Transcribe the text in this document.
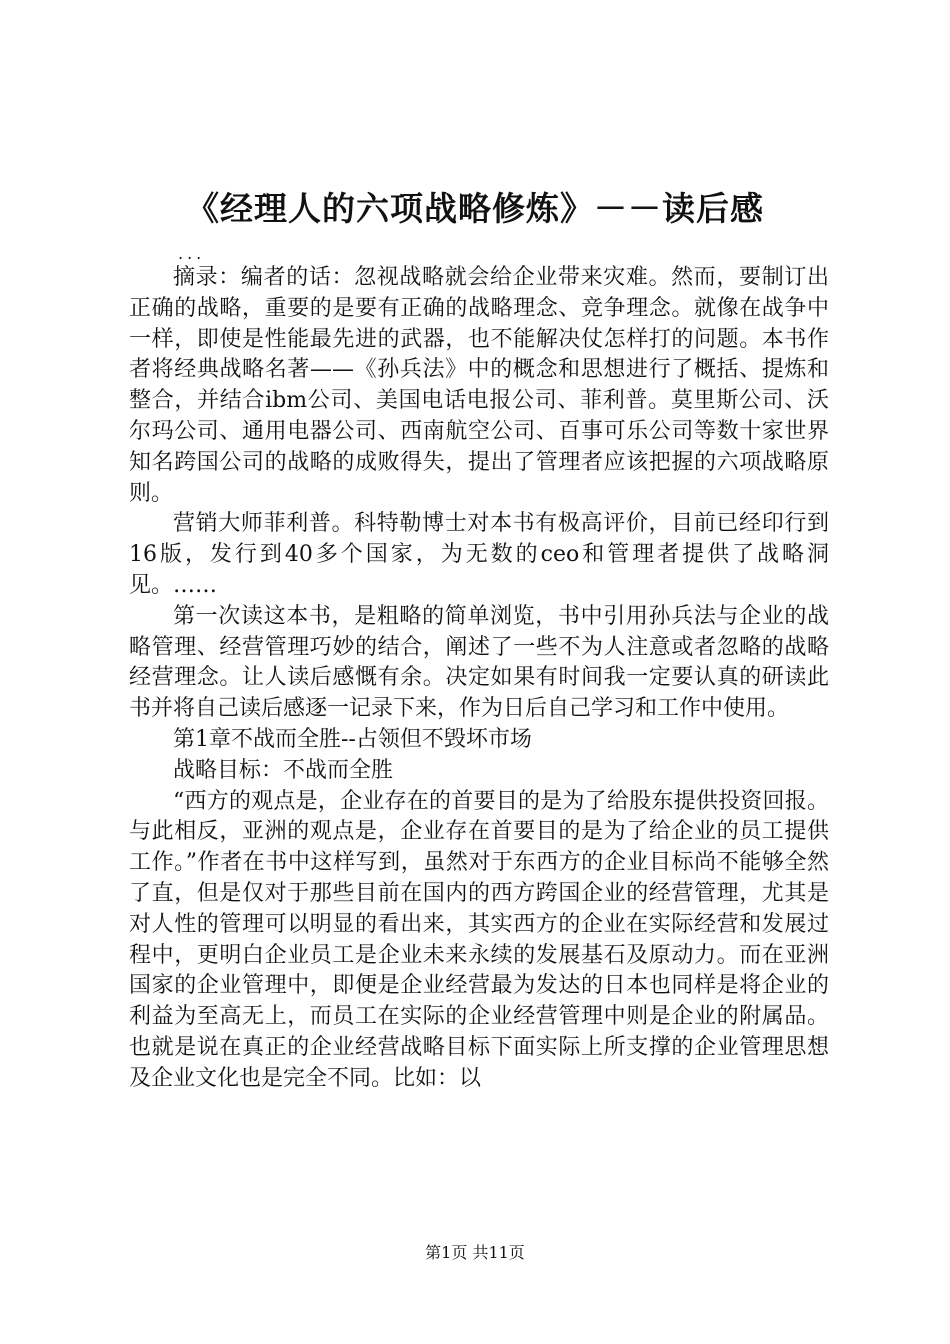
《经理人的六项战略修炼》－－读后感
...

摘录：编者的话：忽视战略就会给企业带来灾难。然而，要制订出正确的战略，重要的是要有正确的战略理念、竞争理念。就像在战争中一样，即使是性能最先进的武器，也不能解决仗怎样打的问题。本书作者将经典战略名著——《孙兵法》中的概念和思想进行了概括、提炼和整合，并结合ibm公司、美国电话电报公司、菲利普。莫里斯公司、沃尔玛公司、通用电器公司、西南航空公司、百事可乐公司等数十家世界知名跨国公司的战略的成败得失，提出了管理者应该把握的六项战略原则。

营销大师菲利普。科特勒博士对本书有极高评价，目前已经印行到16版，发行到40多个国家，为无数的ceo和管理者提供了战略洞见。……

第一次读这本书，是粗略的简单浏览，书中引用孙兵法与企业的战略管理、经营管理巧妙的结合，阐述了一些不为人注意或者忽略的战略经营理念。让人读后感慨有余。决定如果有时间我一定要认真的研读此书并将自己读后感逐一记录下来，作为日后自己学习和工作中使用。

第1章不战而全胜--占领但不毁坏市场

战略目标：不战而全胜

“西方的观点是，企业存在的首要目的是为了给股东提供投资回报。与此相反，亚洲的观点是，企业存在首要目的是为了给企业的员工提供工作。”作者在书中这样写到，虽然对于东西方的企业目标尚不能够全然了直，但是仅对于那些目前在国内的西方跨国企业的经营管理，尤其是对人性的管理可以明显的看出来，其实西方的企业在实际经营和发展过程中，更明白企业员工是企业未来永续的发展基石及原动力。而在亚洲国家的企业管理中，即便是企业经营最为发达的日本也同样是将企业的利益为至高无上，而员工在实际的企业经营管理中则是企业的附属品。也就是说在真正的企业经营战略目标下面实际上所支撑的企业管理思想及企业文化也是完全不同。比如：以

第1页 共11页
